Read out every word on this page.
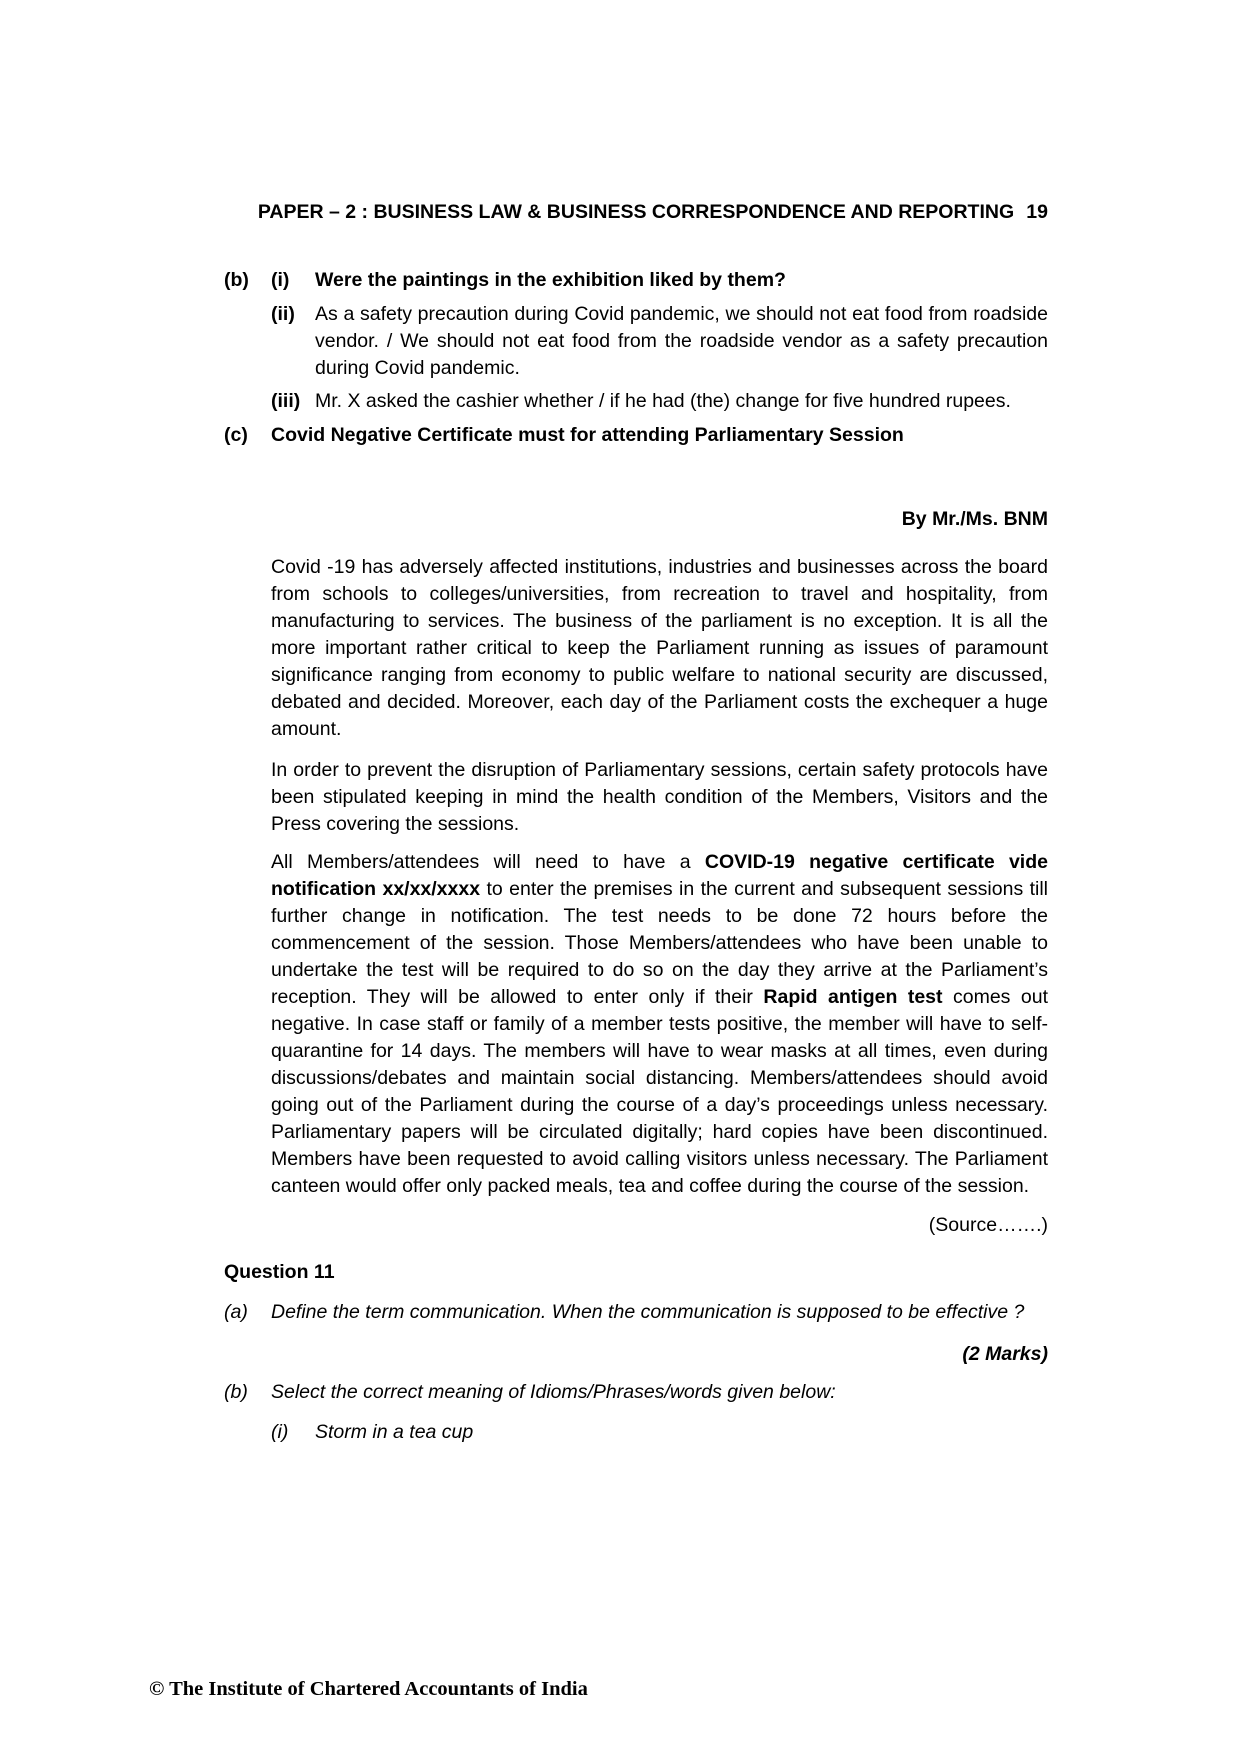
PAPER – 2 : BUSINESS LAW & BUSINESS CORRESPONDENCE AND REPORTING 19
(b)	(i)	Were the paintings in the exhibition liked by them?
(ii)	As a safety precaution during Covid pandemic, we should not eat food from roadside vendor. / We should not eat food from the roadside vendor as a safety precaution during Covid pandemic.
(iii) Mr. X asked the cashier whether / if he had (the) change for five hundred rupees.
(c)	Covid Negative Certificate must for attending Parliamentary Session
By Mr./Ms. BNM
Covid -19 has adversely affected institutions, industries and businesses across the board from schools to colleges/universities, from recreation to travel and hospitality, from manufacturing to services. The business of the parliament is no exception. It is all the more important rather critical to keep the Parliament running as issues of paramount significance ranging from economy to public welfare to national security are discussed, debated and decided. Moreover, each day of the Parliament costs the exchequer a huge amount.
In order to prevent the disruption of Parliamentary sessions, certain safety protocols have been stipulated keeping in mind the health condition of the Members, Visitors and the Press covering the sessions.
All Members/attendees will need to have a COVID-19 negative certificate vide notification xx/xx/xxxx to enter the premises in the current and subsequent sessions till further change in notification. The test needs to be done 72 hours before the commencement of the session. Those Members/attendees who have been unable to undertake the test will be required to do so on the day they arrive at the Parliament’s reception. They will be allowed to enter only if their Rapid antigen test comes out negative. In case staff or family of a member tests positive, the member will have to self-quarantine for 14 days. The members will have to wear masks at all times, even during discussions/debates and maintain social distancing. Members/attendees should avoid going out of the Parliament during the course of a day’s proceedings unless necessary. Parliamentary papers will be circulated digitally; hard copies have been discontinued. Members have been requested to avoid calling visitors unless necessary. The Parliament canteen would offer only packed meals, tea and coffee during the course of the session.
(Source…….)
Question 11
(a)	Define the term communication. When the communication is supposed to be effective ?
(2 Marks)
(b)	Select the correct meaning of Idioms/Phrases/words given below:
(i)	Storm in a tea cup
© The Institute of Chartered Accountants of India
